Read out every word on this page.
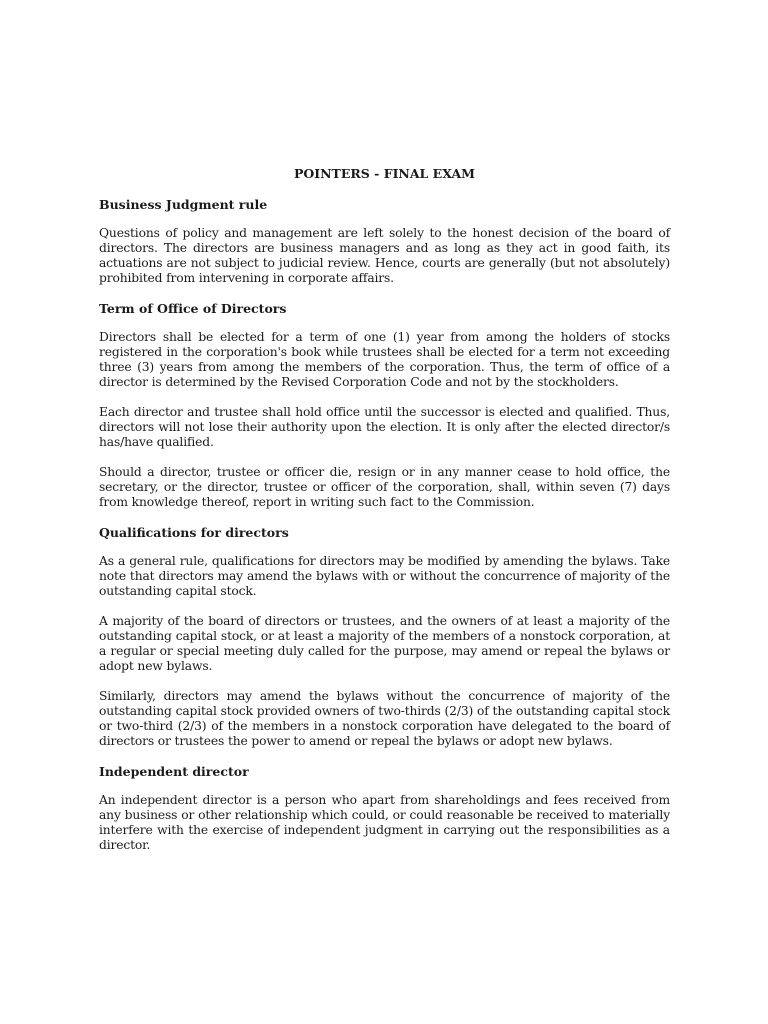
POINTERS - FINAL EXAM
Business Judgment rule

Questions of policy and management are left solely to the honest decision of the board of directors. The directors are business managers and as long as they act in good faith, its actuations are not subject to judicial review. Hence, courts are generally (but not absolutely) prohibited from intervening in corporate affairs.

Term of Office of Directors

Directors shall be elected for a term of one (1) year from among the holders of stocks registered in the corporation's book while trustees shall be elected for a term not exceeding three (3) years from among the members of the corporation. Thus, the term of office of a director is determined by the Revised Corporation Code and not by the stockholders.

Each director and trustee shall hold office until the successor is elected and qualified. Thus, directors will not lose their authority upon the election. It is only after the elected director/s has/have qualified.

Should a director, trustee or officer die, resign or in any manner cease to hold office, the secretary, or the director, trustee or officer of the corporation, shall, within seven (7) days from knowledge thereof, report in writing such fact to the Commission.

Qualifications for directors

As a general rule, qualifications for directors may be modified by amending the bylaws. Take note that directors may amend the bylaws with or without the concurrence of majority of the outstanding capital stock.

A majority of the board of directors or trustees, and the owners of at least a majority of the outstanding capital stock, or at least a majority of the members of a nonstock corporation, at a regular or special meeting duly called for the purpose, may amend or repeal the bylaws or adopt new bylaws.

Similarly, directors may amend the bylaws without the concurrence of majority of the outstanding capital stock provided owners of two-thirds (2/3) of the outstanding capital stock or two-third (2/3) of the members in a nonstock corporation have delegated to the board of directors or trustees the power to amend or repeal the bylaws or adopt new bylaws.

Independent director

An independent director is a person who apart from shareholdings and fees received from any business or other relationship which could, or could reasonable be received to materially interfere with the exercise of independent judgment in carrying out the responsibilities as a director.
